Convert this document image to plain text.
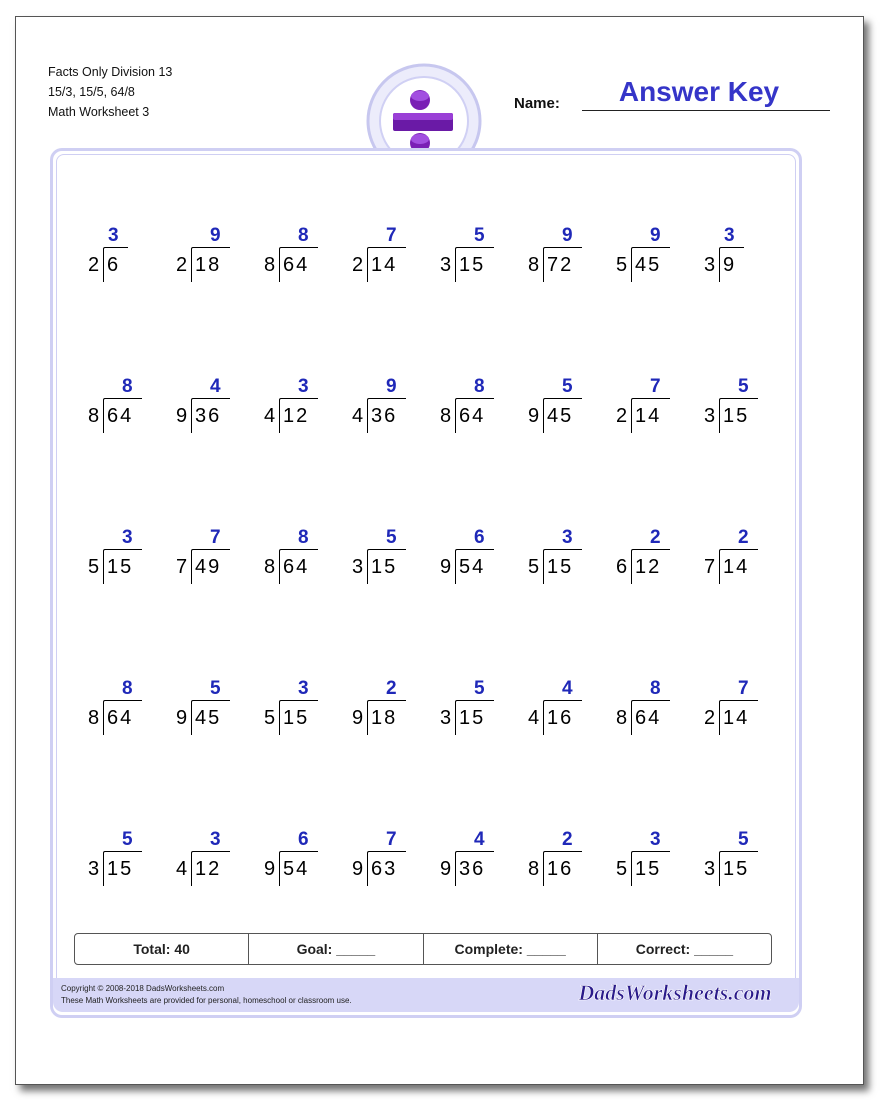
Facts Only Division 13
15/3, 15/5, 64/8
Math Worksheet 3	Name:	Answer Key
2 6
3
2 18
9
8 64
8
2 14
7
3 15
5
8 72
9
5 45
9
3 9
3
8 64
8
9 36
4
4 12
3
4 36
9
8 64
8
9 45
5
2 14
7
3 15
5
5 15
3
7 49
7
8 64
8
3 15
5
9 54
6
5 15
3
6 12
2
7 14
2
8 64
8
9 45
5
5 15
3
9 18
2
3 15
5
4 16
4
8 64
8
2 14
7
3 15
5
4 12
3
9 54
6
9 63
7
9 36
4
8 16
2
5 15
3
3 15
5
Total: 40	Goal: _____	Complete: _____	Correct: _____
Copyright © 2008-2018 DadsWorksheets.com
These Math Worksheets are provided for personal, homeschool or classroom use.	DadsWorksheets.com
